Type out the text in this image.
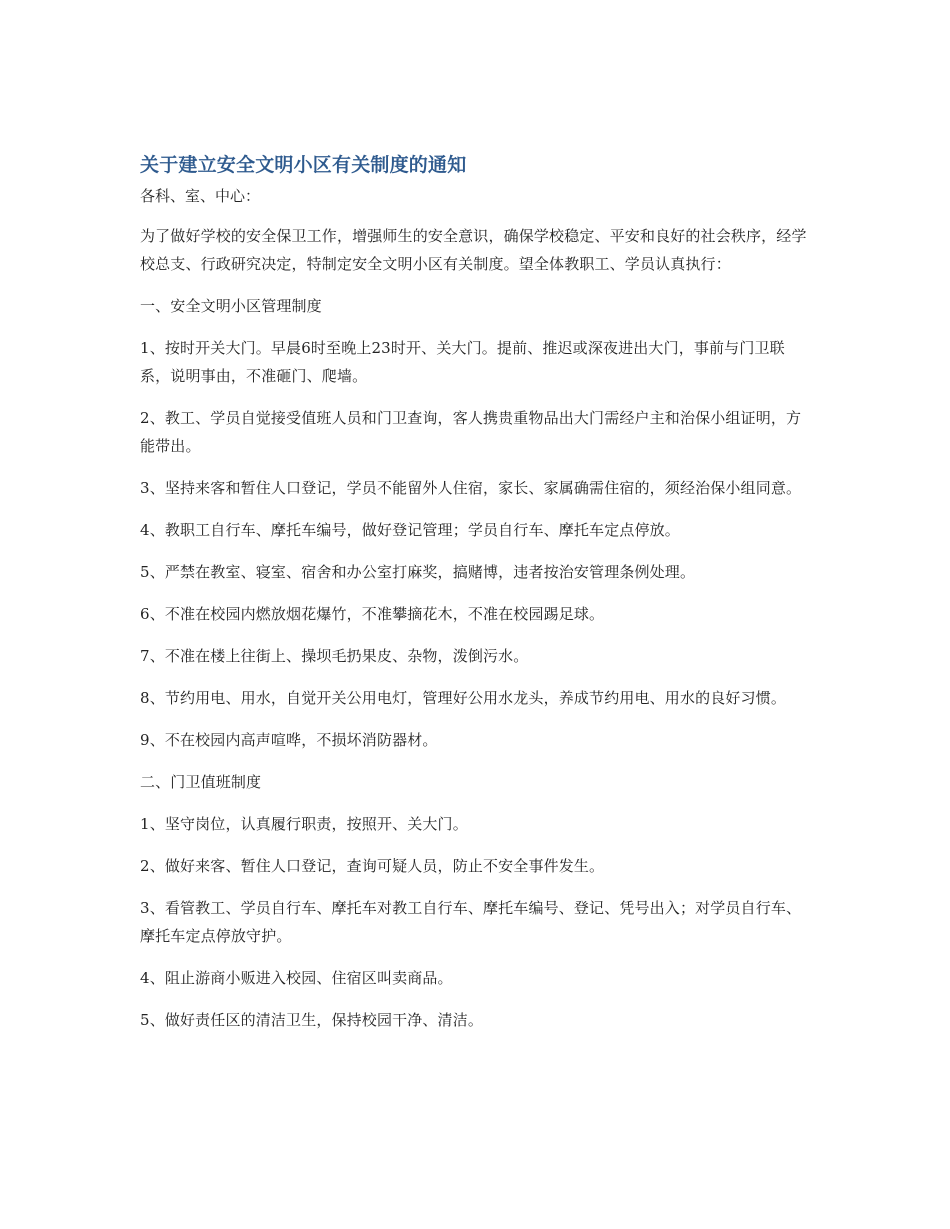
关于建立安全文明小区有关制度的通知

各科、室、中心：

为了做好学校的安全保卫工作，增强师生的安全意识，确保学校稳定、平安和良好的社会秩序，经学校总支、行政研究决定，特制定安全文明小区有关制度。望全体教职工、学员认真执行：

一、安全文明小区管理制度

1、按时开关大门。早晨6时至晚上23时开、关大门。提前、推迟或深夜进出大门，事前与门卫联系，说明事由，不准砸门、爬墙。

2、教工、学员自觉接受值班人员和门卫查询，客人携贵重物品出大门需经户主和治保小组证明，方能带出。

3、坚持来客和暂住人口登记，学员不能留外人住宿，家长、家属确需住宿的，须经治保小组同意。

4、教职工自行车、摩托车编号，做好登记管理；学员自行车、摩托车定点停放。

5、严禁在教室、寝室、宿舍和办公室打麻奖，搞赌博，违者按治安管理条例处理。

6、不准在校园内燃放烟花爆竹，不准攀摘花木，不准在校园踢足球。

7、不准在楼上往街上、操坝毛扔果皮、杂物，泼倒污水。

8、节约用电、用水，自觉开关公用电灯，管理好公用水龙头，养成节约用电、用水的良好习惯。

9、不在校园内高声喧哗，不损坏消防器材。

二、门卫值班制度

1、坚守岗位，认真履行职责，按照开、关大门。

2、做好来客、暂住人口登记，查询可疑人员，防止不安全事件发生。

3、看管教工、学员自行车、摩托车对教工自行车、摩托车编号、登记、凭号出入；对学员自行车、摩托车定点停放守护。

4、阻止游商小贩进入校园、住宿区叫卖商品。

5、做好责任区的清洁卫生，保持校园干净、清洁。
